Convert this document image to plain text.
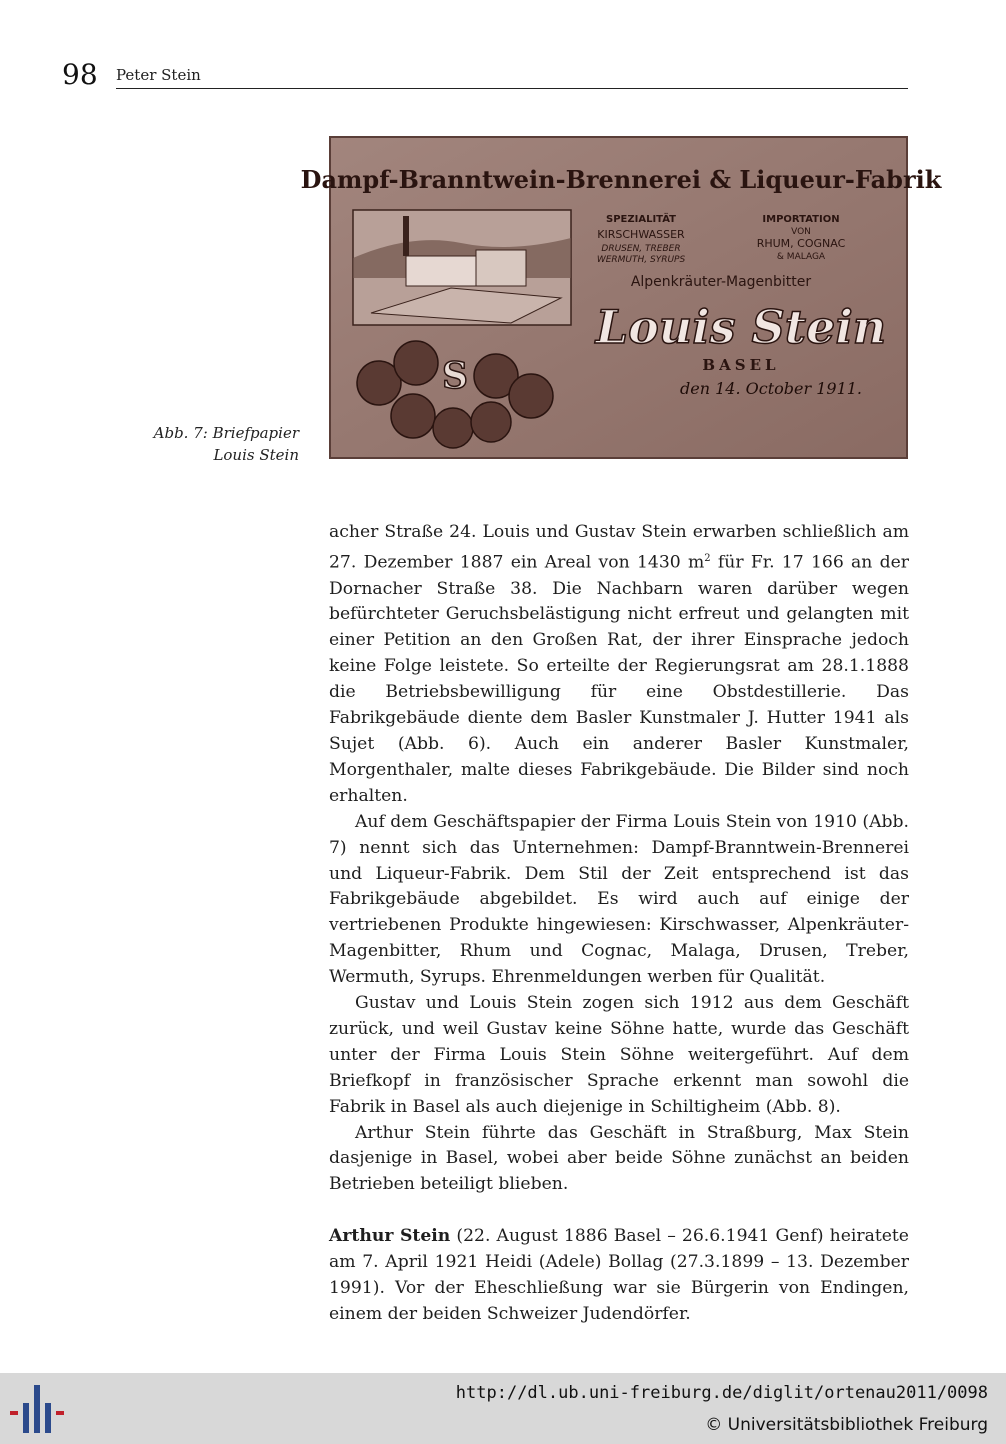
98 Peter Stein
Abb. 7: Briefpapier
Louis Stein
Dampf-Branntwein-Brennerei & Liqueur-Fabrik
SPEZIALITÄT
KIRSCHWASSER
DRUSEN, TREBER
WERMUTH, SYRUPS
IMPORTATION
VON
RHUM, COGNAC
& MALAGA
Alpenkräuter-Magenbitter
Louis Stein
BASEL
den 14. October 1911.
S

acher Straße 24. Louis und Gustav Stein erwarben schließlich am 27. Dezember 1887 ein Areal von 1430 $m^2$ für Fr. 17 166 an der Dornacher Straße 38. Die Nachbarn waren darüber wegen befürchteter Geruchsbelästigung nicht erfreut und gelangten mit einer Petition an den Großen Rat, der ihrer Einsprache jedoch keine Folge leistete. So erteilte der Regierungsrat am 28.1.1888 die Betriebsbewilligung für eine Obstdestillerie. Das Fabrikgebäude diente dem Basler Kunstmaler J. Hutter 1941 als Sujet (Abb. 6). Auch ein anderer Basler Kunstmaler, Morgenthaler, malte dieses Fabrikgebäude. Die Bilder sind noch erhalten.

Auf dem Geschäftspapier der Firma Louis Stein von 1910 (Abb. 7) nennt sich das Unternehmen: Dampf-Branntwein-Brennerei und Liqueur-Fabrik. Dem Stil der Zeit entsprechend ist das Fabrikgebäude abgebildet. Es wird auch auf einige der vertriebenen Produkte hingewiesen: Kirschwasser, Alpenkräuter-Magenbitter, Rhum und Cognac, Malaga, Drusen, Treber, Wermuth, Syrups. Ehrenmeldungen werben für Qualität.

Gustav und Louis Stein zogen sich 1912 aus dem Geschäft zurück, und weil Gustav keine Söhne hatte, wurde das Geschäft unter der Firma Louis Stein Söhne weitergeführt. Auf dem Briefkopf in französischer Sprache erkennt man sowohl die Fabrik in Basel als auch diejenige in Schiltigheim (Abb. 8).

Arthur Stein führte das Geschäft in Straßburg, Max Stein dasjenige in Basel, wobei aber beide Söhne zunächst an beiden Betrieben beteiligt blieben.

Arthur Stein (22. August 1886 Basel – 26.6.1941 Genf) heiratete am 7. April 1921 Heidi (Adele) Bollag (27.3.1899 – 13. Dezember 1991). Vor der Eheschließung war sie Bürgerin von Endingen, einem der beiden Schweizer Judendörfer.

http://dl.ub.uni-freiburg.de/diglit/ortenau2011/0098
© Universitätsbibliothek Freiburg
